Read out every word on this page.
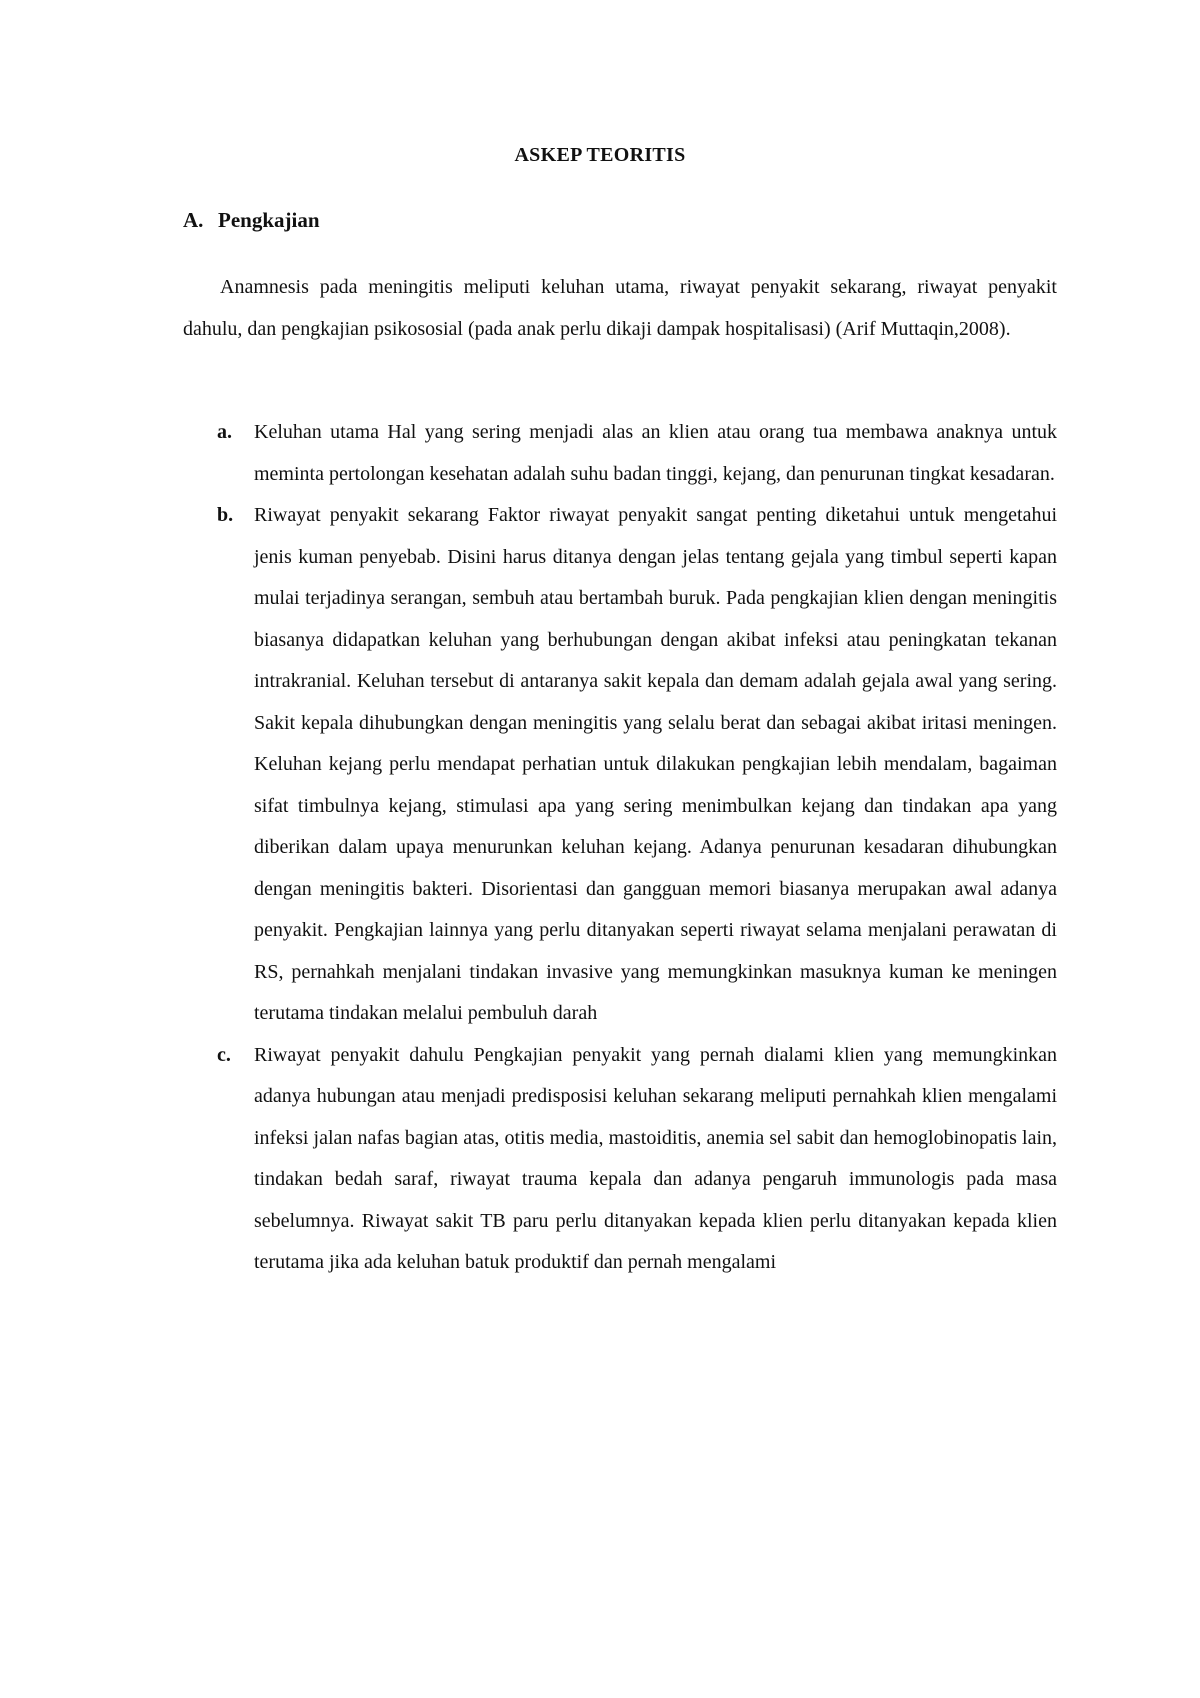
ASKEP TEORITIS
A. Pengkajian

Anamnesis pada meningitis meliputi keluhan utama, riwayat penyakit sekarang, riwayat penyakit dahulu, dan pengkajian psikososial (pada anak perlu dikaji dampak hospitalisasi) (Arif Muttaqin,2008).

a. Keluhan utama Hal yang sering menjadi alas an klien atau orang tua membawa anaknya untuk meminta pertolongan kesehatan adalah suhu badan tinggi, kejang, dan penurunan tingkat kesadaran.
b. Riwayat penyakit sekarang Faktor riwayat penyakit sangat penting diketahui untuk mengetahui jenis kuman penyebab. Disini harus ditanya dengan jelas tentang gejala yang timbul seperti kapan mulai terjadinya serangan, sembuh atau bertambah buruk. Pada pengkajian klien dengan meningitis biasanya didapatkan keluhan yang berhubungan dengan akibat infeksi atau peningkatan tekanan intrakranial. Keluhan tersebut di antaranya sakit kepala dan demam adalah gejala awal yang sering. Sakit kepala dihubungkan dengan meningitis yang selalu berat dan sebagai akibat iritasi meningen. Keluhan kejang perlu mendapat perhatian untuk dilakukan pengkajian lebih mendalam, bagaiman sifat timbulnya kejang, stimulasi apa yang sering menimbulkan kejang dan tindakan apa yang diberikan dalam upaya menurunkan keluhan kejang. Adanya penurunan kesadaran dihubungkan dengan meningitis bakteri. Disorientasi dan gangguan memori biasanya merupakan awal adanya penyakit. Pengkajian lainnya yang perlu ditanyakan seperti riwayat selama menjalani perawatan di RS, pernahkah menjalani tindakan invasive yang memungkinkan masuknya kuman ke meningen terutama tindakan melalui pembuluh darah
c. Riwayat penyakit dahulu Pengkajian penyakit yang pernah dialami klien yang memungkinkan adanya hubungan atau menjadi predisposisi keluhan sekarang meliputi pernahkah klien mengalami infeksi jalan nafas bagian atas, otitis media, mastoiditis, anemia sel sabit dan hemoglobinopatis lain, tindakan bedah saraf, riwayat trauma kepala dan adanya pengaruh immunologis pada masa sebelumnya. Riwayat sakit TB paru perlu ditanyakan kepada klien perlu ditanyakan kepada klien terutama jika ada keluhan batuk produktif dan pernah mengalami
